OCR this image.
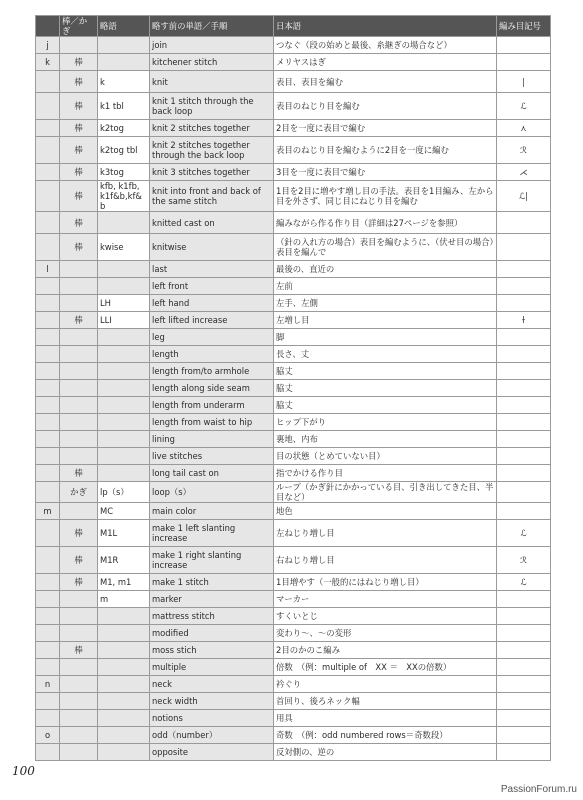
	棒／かぎ	略語	略す前の単語／手順	日本語	編み目記号
j			join	つなぐ（段の始めと最後、糸継ぎの場合など）	
k	棒		kitchener stitch	メリヤスはぎ	
	棒	k	knit	表目、表目を編む	|
	棒	k1 tbl	knit 1 stitch through the back loop	表目のねじり目を編む	ℒ
	棒	k2tog	knit 2 stitches together	2目を一度に表目で編む	⋏
	棒	k2tog tbl	knit 2 stitches together through the back loop	表目のねじり目を編むように2目を一度に編む	ℛ
	棒	k3tog	knit 3 stitches together	3目を一度に表目で編む	⋌
	棒	kfb, k1fb, k1f&b,kf&b	knit into front and back of the same stitch	1目を2目に増やす増し目の手法。表目を1目編み、左から目を外さず、同じ目にねじり目を編む	ℒ|
	棒		knitted cast on	編みながら作る作り目（詳細は27ページを参照）	
	棒	kwise	knitwise	（針の入れ方の場合）表目を編むように、（伏せ目の場合）表目を編んで	
l			last	最後の、直近の	
			left front	左前	
		LH	left hand	左手、左側	
	棒	LLI	left lifted increase	左増し目	ɫ
			leg	脚	
			length	長さ、丈	
			length from/to armhole	脇丈	
			length along side seam	脇丈	
			length from underarm	脇丈	
			length from waist to hip	ヒップ下がり	
			lining	裏地、内布	
			live stitches	目の状態（とめていない目）	
	棒		long tail cast on	指でかける作り目	
	かぎ	lp（s）	loop（s）	ループ（かぎ針にかかっている目、引き出してきた目、半目など）	
m		MC	main color	地色	
	棒	M1L	make 1 left slanting increase	左ねじり増し目	ℒ
	棒	M1R	make 1 right slanting increase	右ねじり増し目	ℛ
	棒	M1, m1	make 1 stitch	1目増やす（一般的にはねじり増し目）	ℒ
		m	marker	マーカー	
			mattress stitch	すくいとじ	
			modified	変わり～、～の変形	
	棒		moss stich	2目のかのこ編み	
			multiple	倍数　（例：multiple of　XX ＝　XXの倍数）	
n			neck	衿ぐり	
			neck width	首回り、後ろネック幅	
			notions	用具	
o			odd（number）	奇数　（例：odd numbered rows＝奇数段）	
			opposite	反対側の、逆の	
100
PassionForum.ru
